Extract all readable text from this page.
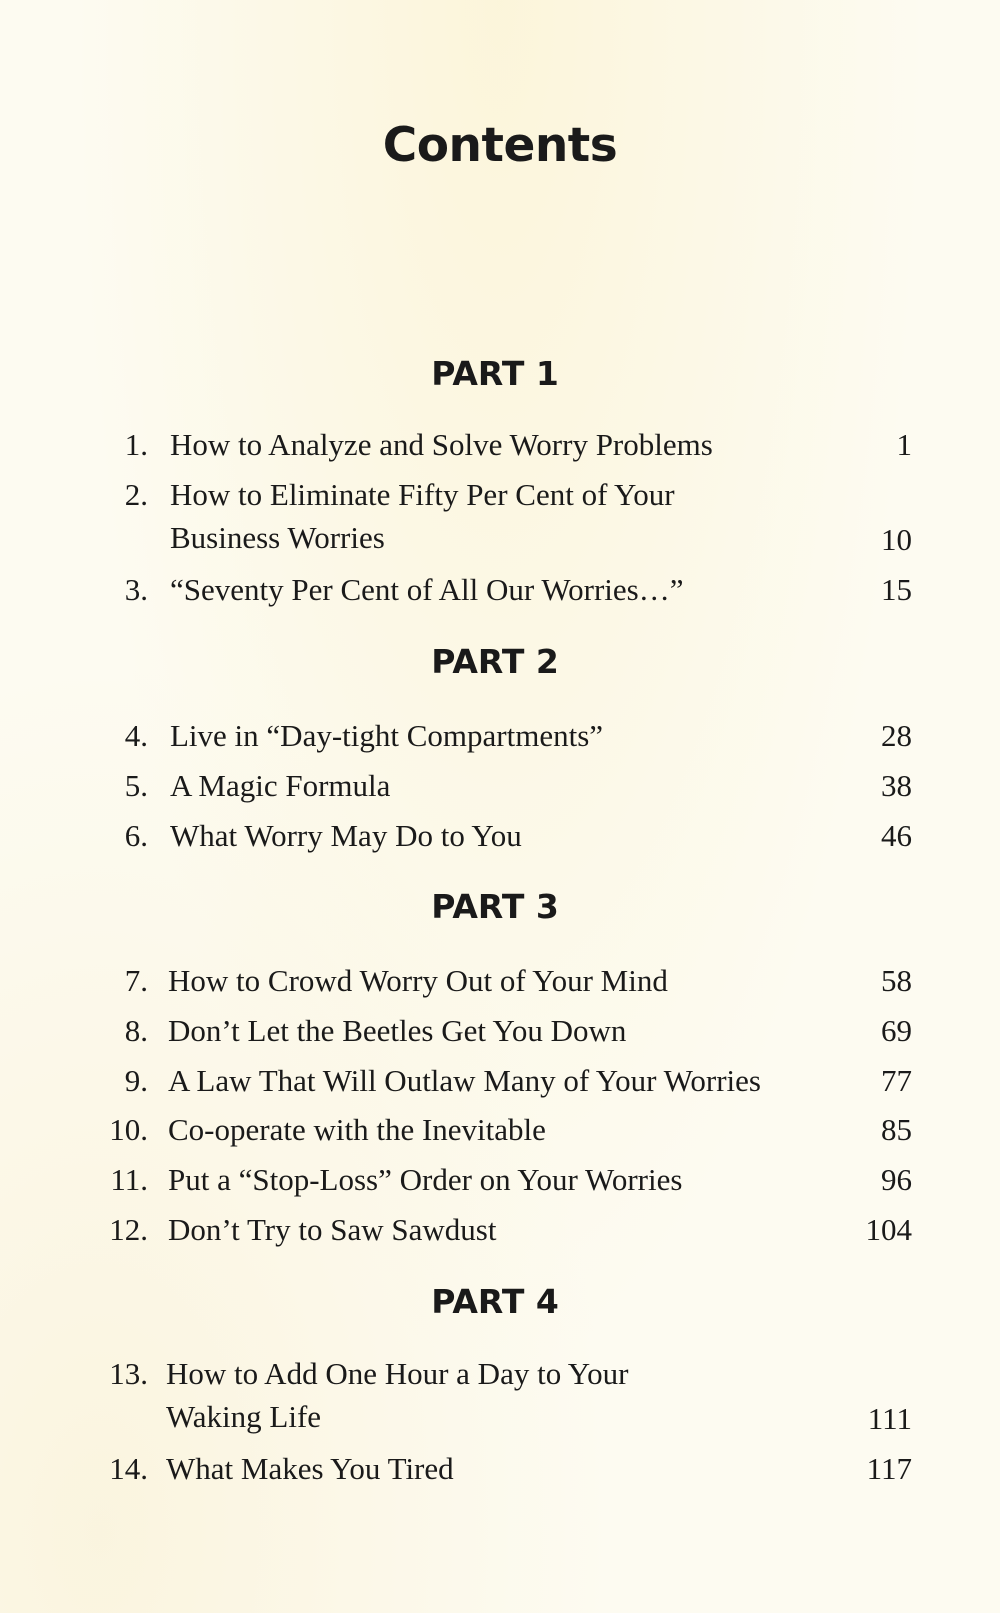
Contents
PART 1
1. How to Analyze and Solve Worry Problems	1
2. How to Eliminate Fifty Per Cent of Your Business Worries	10
3. “Seventy Per Cent of All Our Worries…”	15
PART 2
4. Live in “Day-tight Compartments”	28
5. A Magic Formula	38
6. What Worry May Do to You	46
PART 3
7. How to Crowd Worry Out of Your Mind	58
8. Don’t Let the Beetles Get You Down	69
9. A Law That Will Outlaw Many of Your Worries	77
10. Co-operate with the Inevitable	85
11. Put a “Stop-Loss” Order on Your Worries	96
12. Don’t Try to Saw Sawdust	104
PART 4
13. How to Add One Hour a Day to Your Waking Life	111
14. What Makes You Tired	117
